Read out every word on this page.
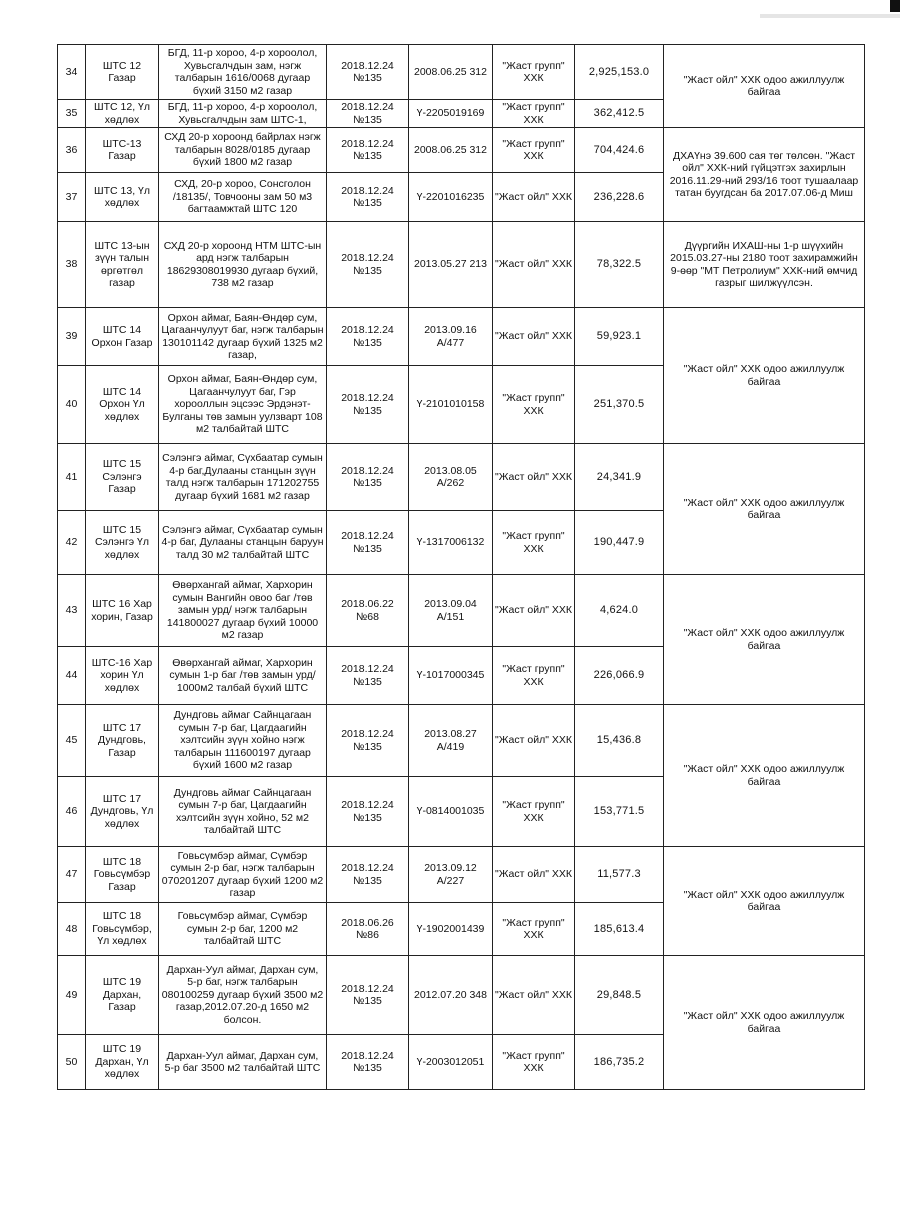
34	ШТС 12 Газар	БГД, 11-р хороо, 4-р хороолол, Хувьсгалчдын зам, нэгж талбарын 1616/0068 дугаар бүхий 3150 м2 газар	2018.12.24 №135	2008.06.25 312	"Жаст групп" ХХК	2,925,153.0	"Жаст ойл" ХХК одоо ажиллуулж байгаа
35	ШТС 12, Үл хөдлөх	БГД, 11-р хороо, 4-р хороолол, Хувьсгалчдын зам ШТС-1,	2018.12.24 №135	Ү-2205019169	"Жаст групп" ХХК	362,412.5	
36	ШТС-13 Газар	СХД 20-р хороонд байрлах нэгж талбарын 8028/0185 дугаар бүхий 1800 м2 газар	2018.12.24 №135	2008.06.25 312	"Жаст групп" ХХК	704,424.6	ДХАҮнэ 39.600 сая төг төлсөн. "Жаст ойл" ХХК-ний гүйцэтгэх захирлын 2016.11.29-ний 293/16 тоот тушаалаар татан буугдсан ба 2017.07.06-д Миш
37	ШТС 13, Үл хөдлөх	СХД, 20-р хороо, Сонсголон /18135/, Товчооны зам 50 м3 багтаамжтай ШТС 120	2018.12.24 №135	Ү-2201016235	"Жаст ойл" ХХК	236,228.6	
38	ШТС 13-ын зүүн талын өргөтгөл газар	СХД 20-р хороонд НТМ ШТС-ын ард нэгж талбарын 18629308019930 дугаар бүхий, 738 м2 газар	2018.12.24 №135	2013.05.27 213	"Жаст ойл" ХХК	78,322.5	Дүүргийн ИХАШ-ны 1-р шүүхийн 2015.03.27-ны 2180 тоот захирамжийн 9-өөр "МТ Петролиум" ХХК-ний өмчид газрыг шилжүүлсэн.
39	ШТС 14 Орхон Газар	Орхон аймаг, Баян-Өндөр сум, Цагаанчулуут баг, нэгж талбарын 130101142 дугаар бүхий 1325 м2 газар,	2018.12.24 №135	2013.09.16 А/477	"Жаст ойл" ХХК	59,923.1	"Жаст ойл" ХХК одоо ажиллуулж байгаа
40	ШТС 14 Орхон Үл хөдлөх	Орхон аймаг, Баян-Өндөр сум, Цагаанчулуут баг, Гэр хорооллын эцсээс Эрдэнэт-Булганы төв замын уулзварт 108 м2 талбайтай ШТС	2018.12.24 №135	Ү-2101010158	"Жаст групп" ХХК	251,370.5	
41	ШТС 15 Сэлэнгэ Газар	Сэлэнгэ аймаг, Сүхбаатар сумын 4-р баг,Дулааны станцын зүүн талд нэгж талбарын 171202755 дугаар бүхий 1681 м2 газар	2018.12.24 №135	2013.08.05 А/262	"Жаст ойл" ХХК	24,341.9	"Жаст ойл" ХХК одоо ажиллуулж байгаа
42	ШТС 15 Сэлэнгэ Үл хөдлөх	Сэлэнгэ аймаг, Сүхбаатар сумын 4-р баг, Дулааны станцын баруун талд 30 м2 талбайтай ШТС	2018.12.24 №135	Ү-1317006132	"Жаст групп" ХХК	190,447.9	
43	ШТС 16 Хар хорин, Газар	Өвөрхангай аймаг, Хархорин сумын Вангийн овоо баг /төв замын урд/ нэгж талбарын 141800027 дугаар бүхий 10000 м2 газар	2018.06.22 №68	2013.09.04 А/151	"Жаст ойл" ХХК	4,624.0	"Жаст ойл" ХХК одоо ажиллуулж байгаа
44	ШТС-16 Хар хорин Үл хөдлөх	Өвөрхангай аймаг, Хархорин сумын 1-р баг /төв замын урд/ 1000м2 талбай бүхий ШТС	2018.12.24 №135	Ү-1017000345	"Жаст групп" ХХК	226,066.9	
45	ШТС 17 Дундговь, Газар	Дундговь аймаг Сайнцагаан сумын 7-р баг, Цагдаагийн хэлтсийн зүүн хойно нэгж талбарын 111600197 дугаар бүхий 1600 м2 газар	2018.12.24 №135	2013.08.27 А/419	"Жаст ойл" ХХК	15,436.8	"Жаст ойл" ХХК одоо ажиллуулж байгаа
46	ШТС 17 Дундговь, Үл хөдлөх	Дундговь аймаг Сайнцагаан сумын 7-р баг, Цагдаагийн хэлтсийн зүүн хойно, 52 м2 талбайтай ШТС	2018.12.24 №135	Ү-0814001035	"Жаст групп" ХХК	153,771.5	
47	ШТС 18 Говьсүмбэр Газар	Говьсүмбэр аймаг, Сүмбэр сумын 2-р баг, нэгж талбарын 070201207 дугаар бүхий 1200 м2 газар	2018.12.24 №135	2013.09.12 А/227	"Жаст ойл" ХХК	11,577.3	"Жаст ойл" ХХК одоо ажиллуулж байгаа
48	ШТС 18 Говьсүмбэр, Үл хөдлөх	Говьсүмбэр аймаг, Сүмбэр сумын 2-р баг, 1200 м2 талбайтай ШТС	2018.06.26 №86	Ү-1902001439	"Жаст групп" ХХК	185,613.4	
49	ШТС 19 Дархан, Газар	Дархан-Уул аймаг, Дархан сум, 5-р баг, нэгж талбарын 080100259 дугаар бүхий 3500 м2 газар,2012.07.20-д 1650 м2 болсон.	2018.12.24 №135	2012.07.20 348	"Жаст ойл" ХХК	29,848.5	"Жаст ойл" ХХК одоо ажиллуулж байгаа
50	ШТС 19 Дархан, Үл хөдлөх	Дархан-Уул аймаг, Дархан сум, 5-р баг 3500 м2 талбайтай ШТС	2018.12.24 №135	Ү-2003012051	"Жаст групп" ХХК	186,735.2	
